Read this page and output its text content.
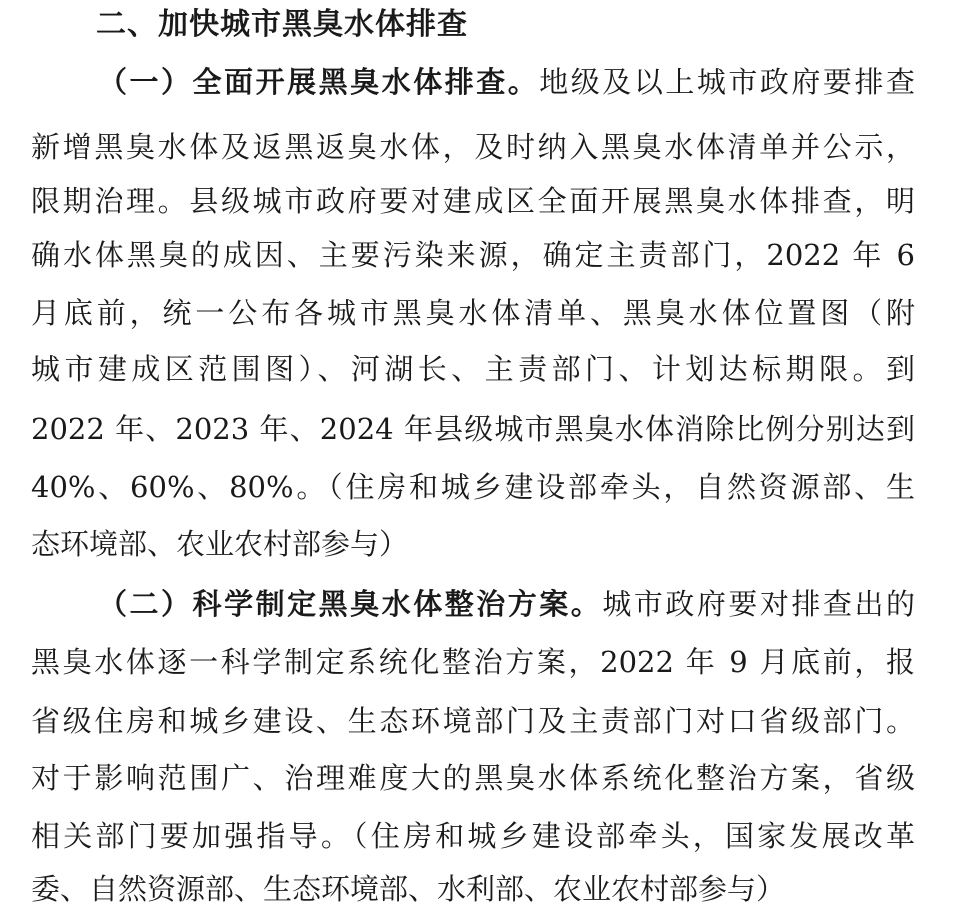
二、加快城市黑臭水体排查
（一）全面开展黑臭水体排查。地级及以上城市政府要排查
新增黑臭水体及返黑返臭水体，及时纳入黑臭水体清单并公示，
限期治理。县级城市政府要对建成区全面开展黑臭水体排查，明
确水体黑臭的成因、主要污染来源，确定主责部门，2022 年 6
月底前，统一公布各城市黑臭水体清单、黑臭水体位置图（附
城市建成区范围图）、河湖长、主责部门、计划达标期限。到
2022 年、2023 年、2024 年县级城市黑臭水体消除比例分别达到
40%、60%、80%。（住房和城乡建设部牵头，自然资源部、生
态环境部、农业农村部参与）
（二）科学制定黑臭水体整治方案。城市政府要对排查出的
黑臭水体逐一科学制定系统化整治方案，2022 年 9 月底前，报
省级住房和城乡建设、生态环境部门及主责部门对口省级部门。
对于影响范围广、治理难度大的黑臭水体系统化整治方案，省级
相关部门要加强指导。（住房和城乡建设部牵头，国家发展改革
委、自然资源部、生态环境部、水利部、农业农村部参与）
